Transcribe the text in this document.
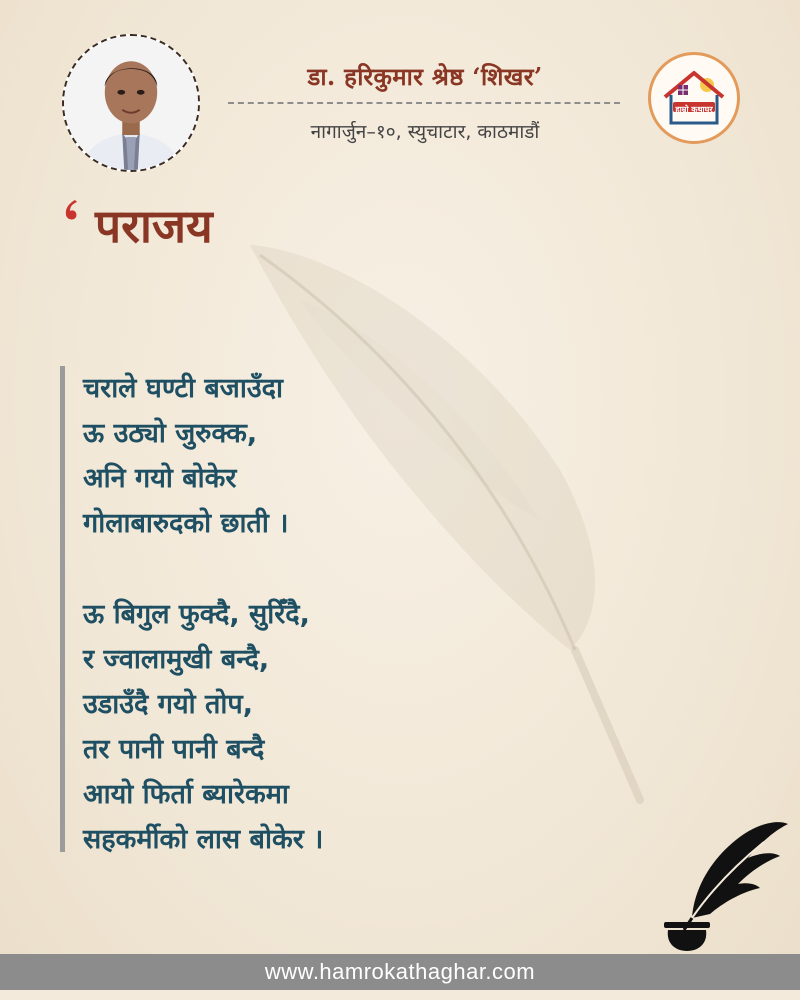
डा. हरिकुमार श्रेष्ठ ‘शिखर’
नागार्जुन–१०, स्युचाटार, काठमाडौं
हाम्रो कथाघर
पराजय
चराले घण्टी बजाउँदा
ऊ उठ्यो जुरुक्क,
अनि गयो बोकेर
गोलाबारुदको छाती ।
ऊ बिगुल फुक्दै, सुरिँदै,
र ज्वालामुखी बन्दै,
उडाउँदै गयो तोप,
तर पानी पानी बन्दै
आयो फिर्ता ब्यारेकमा
सहकर्मीको लास बोकेर ।
www.hamrokathaghar.com
